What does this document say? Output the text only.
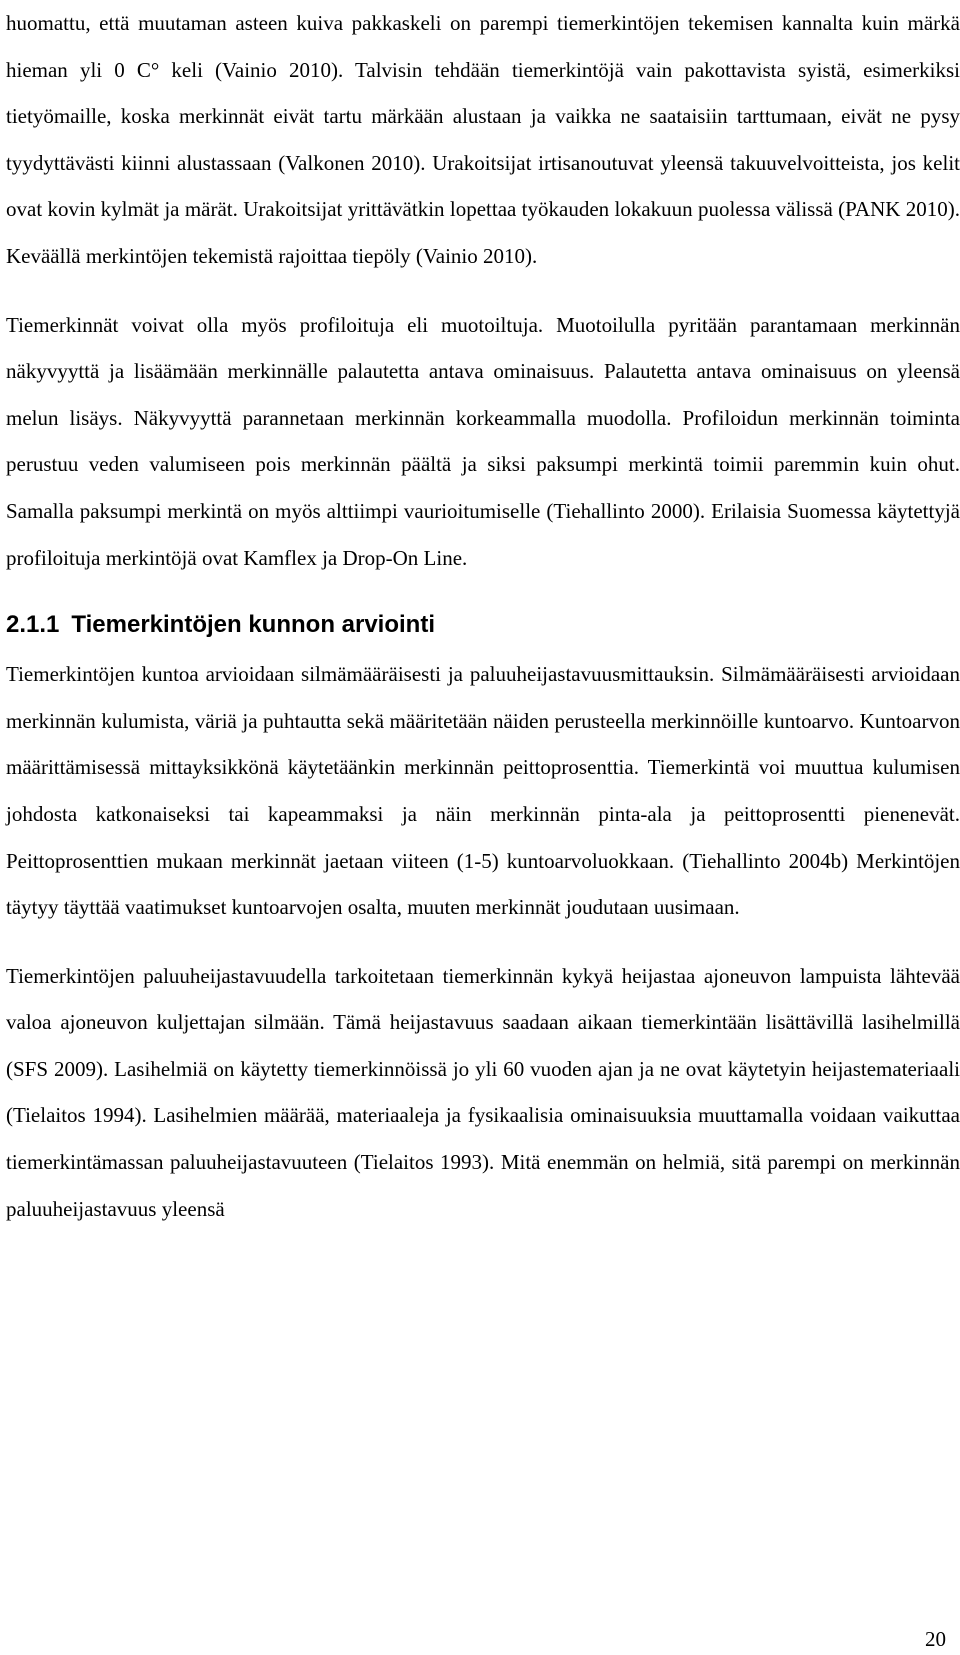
huomattu, että muutaman asteen kuiva pakkaskeli on parempi tiemerkintöjen tekemisen kannalta kuin märkä hieman yli 0 C° keli (Vainio 2010). Talvisin tehdään tiemerkintöjä vain pakottavista syistä, esimerkiksi tietyömaille, koska merkinnät eivät tartu märkään alustaan ja vaikka ne saataisiin tarttumaan, eivät ne pysy tyydyttävästi kiinni alustassaan (Valkonen 2010). Urakoitsijat irtisanoutuvat yleensä takuuvelvoitteista, jos kelit ovat kovin kylmät ja märät. Urakoitsijat yrittävätkin lopettaa työkauden lokakuun puolessa välissä (PANK 2010). Keväällä merkintöjen tekemistä rajoittaa tiepöly (Vainio 2010).

Tiemerkinnät voivat olla myös profiloituja eli muotoiltuja. Muotoilulla pyritään parantamaan merkinnän näkyvyyttä ja lisäämään merkinnälle palautetta antava ominaisuus. Palautetta antava ominaisuus on yleensä melun lisäys. Näkyvyyttä parannetaan merkinnän korkeammalla muodolla. Profiloidun merkinnän toiminta perustuu veden valumiseen pois merkinnän päältä ja siksi paksumpi merkintä toimii paremmin kuin ohut. Samalla paksumpi merkintä on myös alttiimpi vaurioitumiselle (Tiehallinto 2000). Erilaisia Suomessa käytettyjä profiloituja merkintöjä ovat Kamflex ja Drop-On Line.

2.1.1 Tiemerkintöjen kunnon arviointi

Tiemerkintöjen kuntoa arvioidaan silmämääräisesti ja paluuheijastavuusmittauksin. Silmämääräisesti arvioidaan merkinnän kulumista, väriä ja puhtautta sekä määritetään näiden perusteella merkinnöille kuntoarvo. Kuntoarvon määrittämisessä mittayksikkönä käytetäänkin merkinnän peittoprosenttia. Tiemerkintä voi muuttua kulumisen johdosta katkonaiseksi tai kapeammaksi ja näin merkinnän pinta-ala ja peittoprosentti pienenevät. Peittoprosenttien mukaan merkinnät jaetaan viiteen (1-5) kuntoarvoluokkaan. (Tiehallinto 2004b) Merkintöjen täytyy täyttää vaatimukset kuntoarvojen osalta, muuten merkinnät joudutaan uusimaan.

Tiemerkintöjen paluuheijastavuudella tarkoitetaan tiemerkinnän kykyä heijastaa ajoneuvon lampuista lähtevää valoa ajoneuvon kuljettajan silmään. Tämä heijastavuus saadaan aikaan tiemerkintään lisättävillä lasihelmillä (SFS 2009). Lasihelmiä on käytetty tiemerkinnöissä jo yli 60 vuoden ajan ja ne ovat käytetyin heijastemateriaali (Tielaitos 1994). Lasihelmien määrää, materiaaleja ja fysikaalisia ominaisuuksia muuttamalla voidaan vaikuttaa tiemerkintämassan paluuheijastavuuteen (Tielaitos 1993). Mitä enemmän on helmiä, sitä parempi on merkinnän paluuheijastavuus yleensä

20
